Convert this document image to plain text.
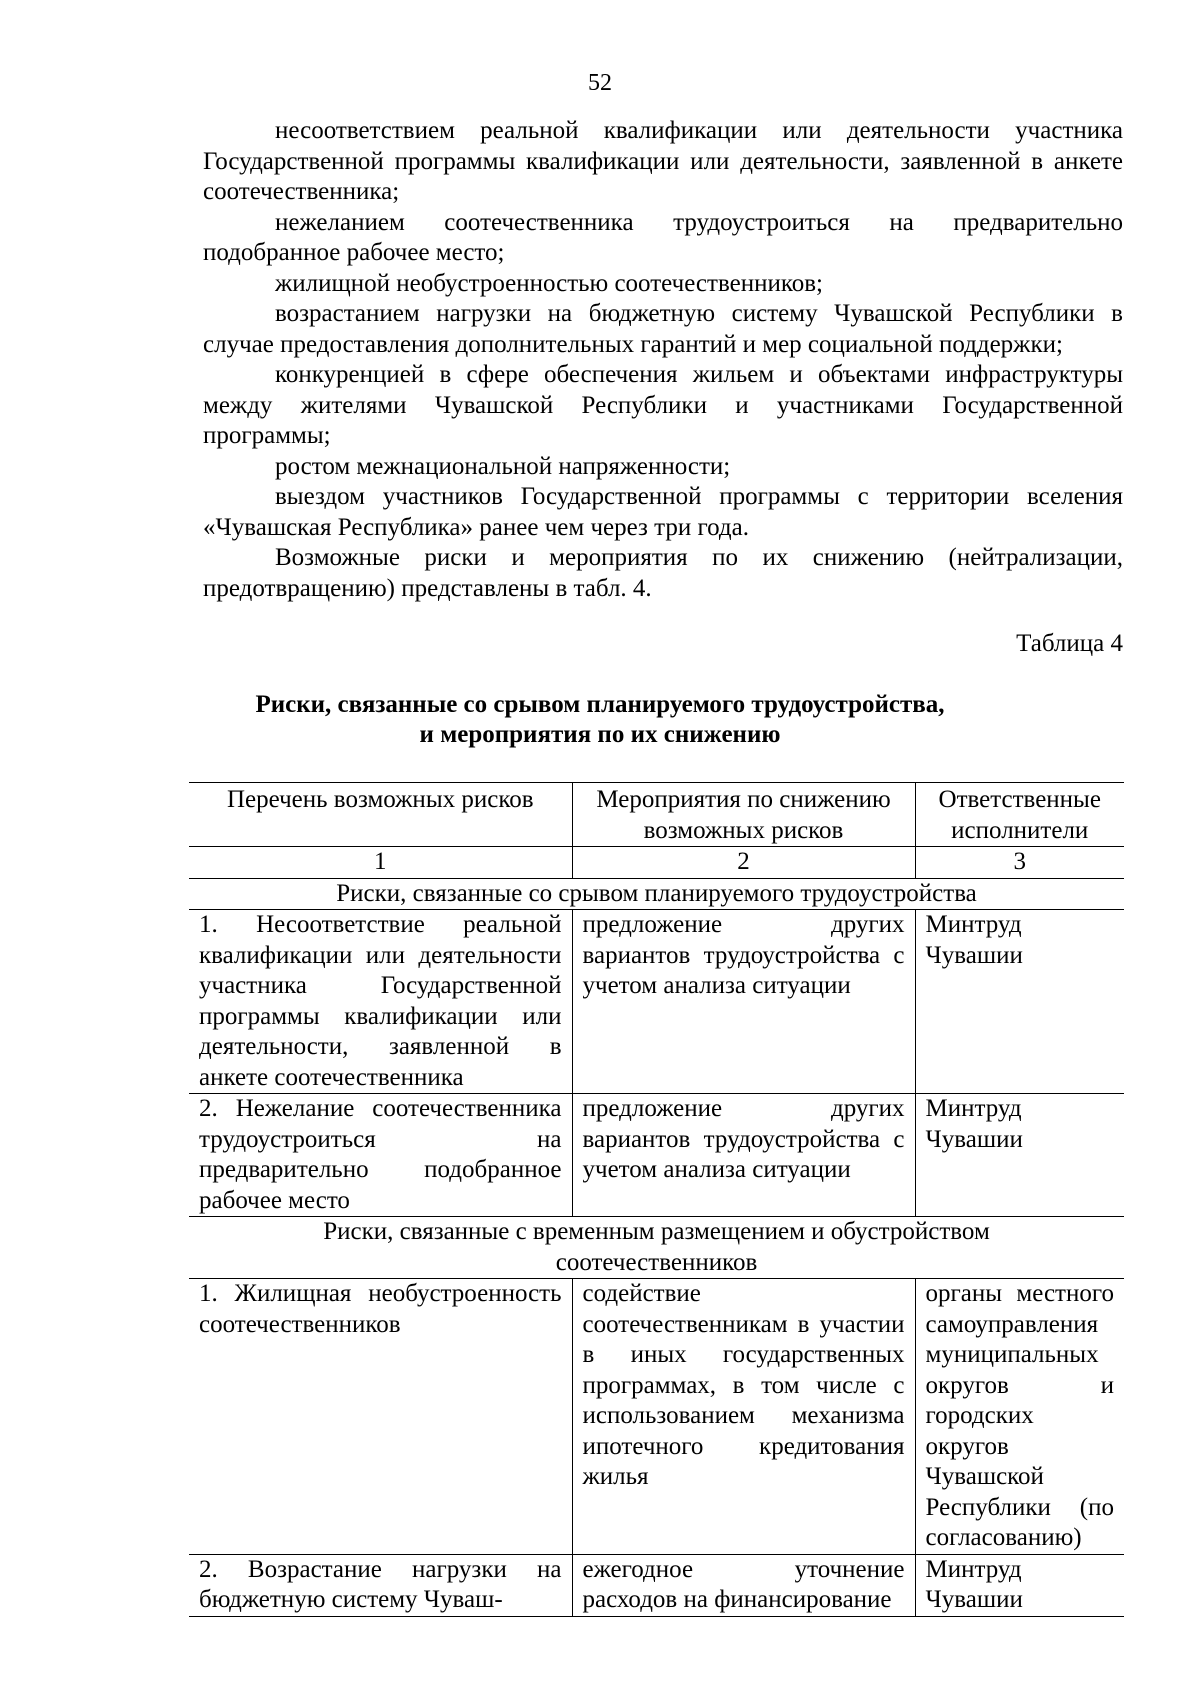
52

несоответствием реальной квалификации или деятельности участника Государственной программы квалификации или деятельности, заявленной в анкете соотечественника;

нежеланием соотечественника трудоустроиться на предварительно подобранное рабочее место;

жилищной необустроенностью соотечественников;

возрастанием нагрузки на бюджетную систему Чувашской Республики в случае предоставления дополнительных гарантий и мер социальной поддержки;

конкуренцией в сфере обеспечения жильем и объектами инфраструктуры между жителями Чувашской Республики и участниками Государственной программы;

ростом межнациональной напряженности;

выездом участников Государственной программы с территории вселения «Чувашская Республика» ранее чем через три года.

Возможные риски и мероприятия по их снижению (нейтрализации, предотвращению) представлены в табл. 4.

Таблица 4
Риски, связанные со срывом планируемого трудоустройства,
и мероприятия по их снижению
Перечень возможных рисков	Мероприятия по снижению возможных рисков	Ответственные исполнители
1	2	3
Риски, связанные со срывом планируемого трудоустройства		
1. Несоответствие реальной квалификации или деятельности участника Государственной программы квалификации или деятельности, заявленной в анкете соотечественника	предложение других вариантов трудоустройства с учетом анализа ситуации	Минтруд Чувашии
2. Нежелание соотечественника трудоустроиться на предварительно подобранное рабочее место	предложение других вариантов трудоустройства с учетом анализа ситуации	Минтруд Чувашии
Риски, связанные с временным размещением и обустройством соотечественников		
1. Жилищная необустроенность соотечественников	содействие соотечественникам в участии в иных государственных программах, в том числе с использованием механизма ипотечного кредитования жилья	органы местного самоуправления муниципальных округов и городских округов Чувашской Республики (по согласованию)
2. Возрастание нагрузки на бюджетную систему Чуваш-	ежегодное уточнение расходов на финансирование	Минтруд Чувашии
